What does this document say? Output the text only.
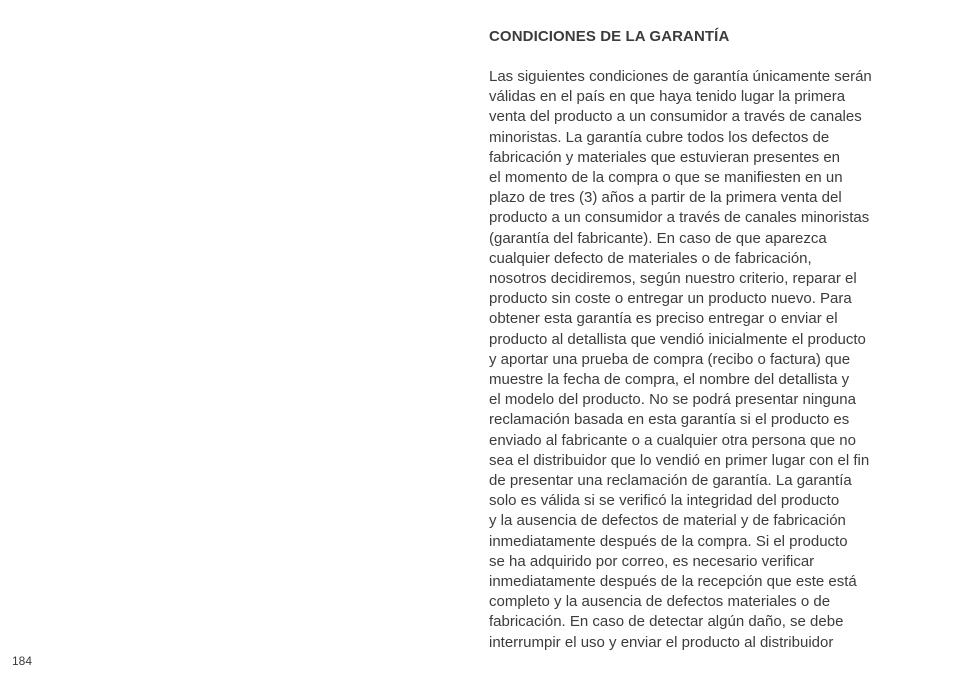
184
CONDICIONES DE LA GARANTÍA

Las siguientes condiciones de garantía únicamente serán
válidas en el país en que haya tenido lugar la primera
venta del producto a un consumidor a través de canales
minoristas. La garantía cubre todos los defectos de
fabricación y materiales que estuvieran presentes en
el momento de la compra o que se manifiesten en un
plazo de tres (3) años a partir de la primera venta del
producto a un consumidor a través de canales minoristas
(garantía del fabricante). En caso de que aparezca
cualquier defecto de materiales o de fabricación,
nosotros decidiremos, según nuestro criterio, reparar el
producto sin coste o entregar un producto nuevo. Para
obtener esta garantía es preciso entregar o enviar el
producto al detallista que vendió inicialmente el producto
y aportar una prueba de compra (recibo o factura) que
muestre la fecha de compra, el nombre del detallista y
el modelo del producto. No se podrá presentar ninguna
reclamación basada en esta garantía si el producto es
enviado al fabricante o a cualquier otra persona que no
sea el distribuidor que lo vendió en primer lugar con el fin
de presentar una reclamación de garantía. La garantía
solo es válida si se verificó la integridad del producto
y la ausencia de defectos de material y de fabricación
inmediatamente después de la compra. Si el producto
se ha adquirido por correo, es necesario verificar
inmediatamente después de la recepción que este está
completo y la ausencia de defectos materiales o de
fabricación. En caso de detectar algún daño, se debe
interrumpir el uso y enviar el producto al distribuidor
